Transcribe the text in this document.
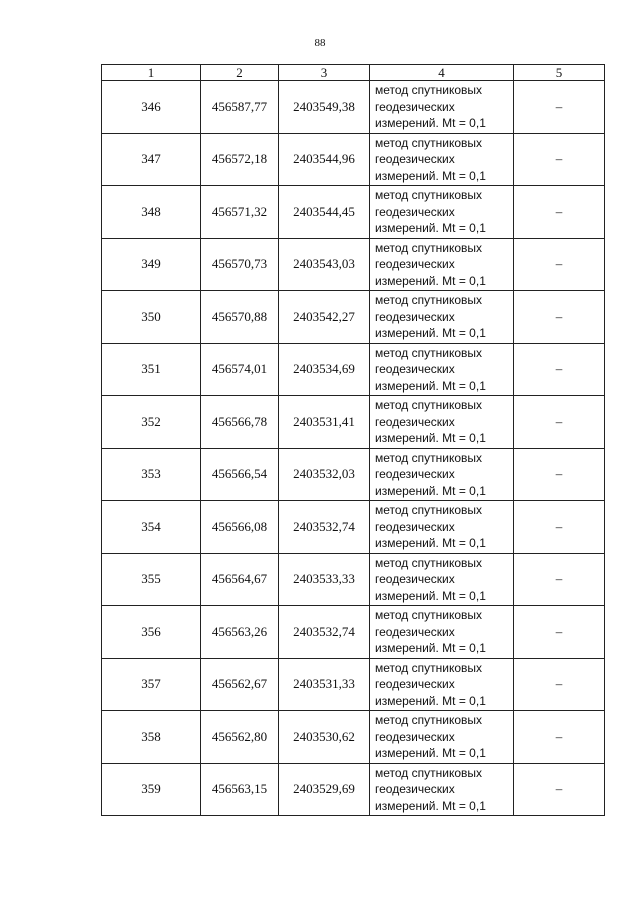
88
1	2	3	4	5
346	456587,77	2403549,38	метод спутниковых
геодезических
измерений. Mt = 0,1	–
347	456572,18	2403544,96	метод спутниковых
геодезических
измерений. Mt = 0,1	–
348	456571,32	2403544,45	метод спутниковых
геодезических
измерений. Mt = 0,1	–
349	456570,73	2403543,03	метод спутниковых
геодезических
измерений. Mt = 0,1	–
350	456570,88	2403542,27	метод спутниковых
геодезических
измерений. Mt = 0,1	–
351	456574,01	2403534,69	метод спутниковых
геодезических
измерений. Mt = 0,1	–
352	456566,78	2403531,41	метод спутниковых
геодезических
измерений. Mt = 0,1	–
353	456566,54	2403532,03	метод спутниковых
геодезических
измерений. Mt = 0,1	–
354	456566,08	2403532,74	метод спутниковых
геодезических
измерений. Mt = 0,1	–
355	456564,67	2403533,33	метод спутниковых
геодезических
измерений. Mt = 0,1	–
356	456563,26	2403532,74	метод спутниковых
геодезических
измерений. Mt = 0,1	–
357	456562,67	2403531,33	метод спутниковых
геодезических
измерений. Mt = 0,1	–
358	456562,80	2403530,62	метод спутниковых
геодезических
измерений. Mt = 0,1	–
359	456563,15	2403529,69	метод спутниковых
геодезических
измерений. Mt = 0,1	–
